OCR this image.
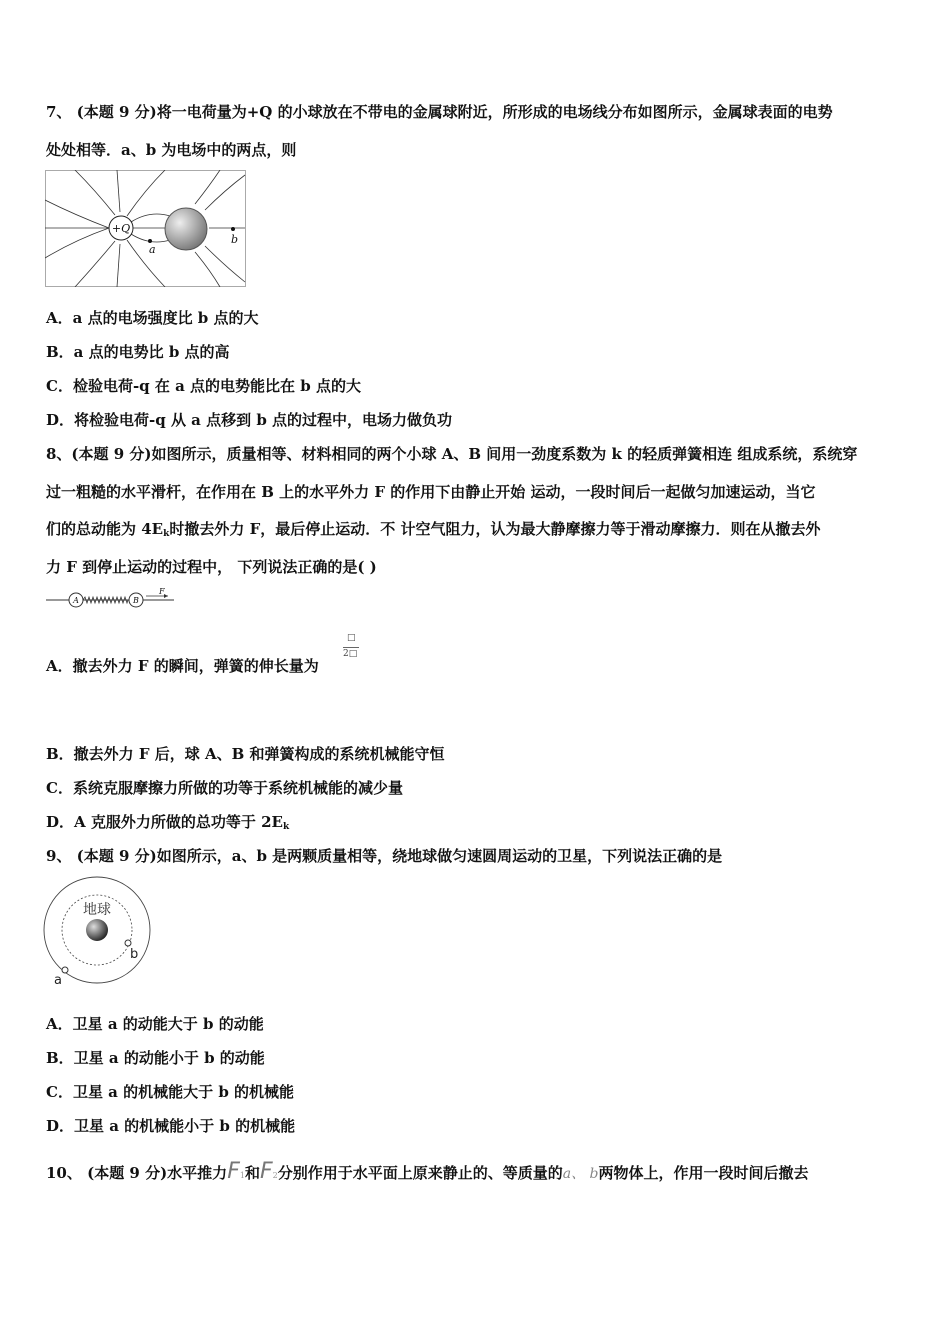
7、 (本题 9 分)将一电荷量为+Q 的小球放在不带电的金属球附近，所形成的电场线分布如图所示，金属球表面的电势
处处相等．a、b 为电场中的两点，则
+Q
a
b
A．a 点的电场强度比 b 点的大
B．a 点的电势比 b 点的高
C．检验电荷-q 在 a 点的电势能比在 b 点的大
D．将检验电荷-q 从 a 点移到 b 点的过程中，电场力做负功
8、(本题 9 分)如图所示，质量相等、材料相同的两个小球 A、B 间用一劲度系数为 k 的轻质弹簧相连 组成系统，系统穿
过一粗糙的水平滑杆，在作用在 B 上的水平外力 F 的作用下由静止开始 运动，一段时间后一起做匀加速运动，当它
们的总动能为 $4E_k$时撤去外力 F，最后停止运动．不 计空气阻力，认为最大静摩擦力等于滑动摩擦力．则在从撤去外
力 F 到停止运动的过程中， 下列说法正确的是( )
A	B
F
A．撤去外力 F 的瞬间，弹簧的伸长量为
□
2□
B．撤去外力 F 后，球 A、B 和弹簧构成的系统机械能守恒
C．系统克服摩擦力所做的功等于系统机械能的减少量
D．A 克服外力所做的总功等于 $2E_k$
9、 (本题 9 分)如图所示，a、b 是两颗质量相等，绕地球做匀速圆周运动的卫星，下列说法正确的是
地球
b
a
A．卫星 a 的动能大于 b 的动能
B．卫星 a 的动能小于 b 的动能
C．卫星 a 的机械能大于 b 的机械能
D．卫星 a 的机械能小于 b 的机械能
10、 (本题 9 分)水平推力F1和F2分别作用于水平面上原来静止的、等质量的a、 b两物体上，作用一段时间后撤去
